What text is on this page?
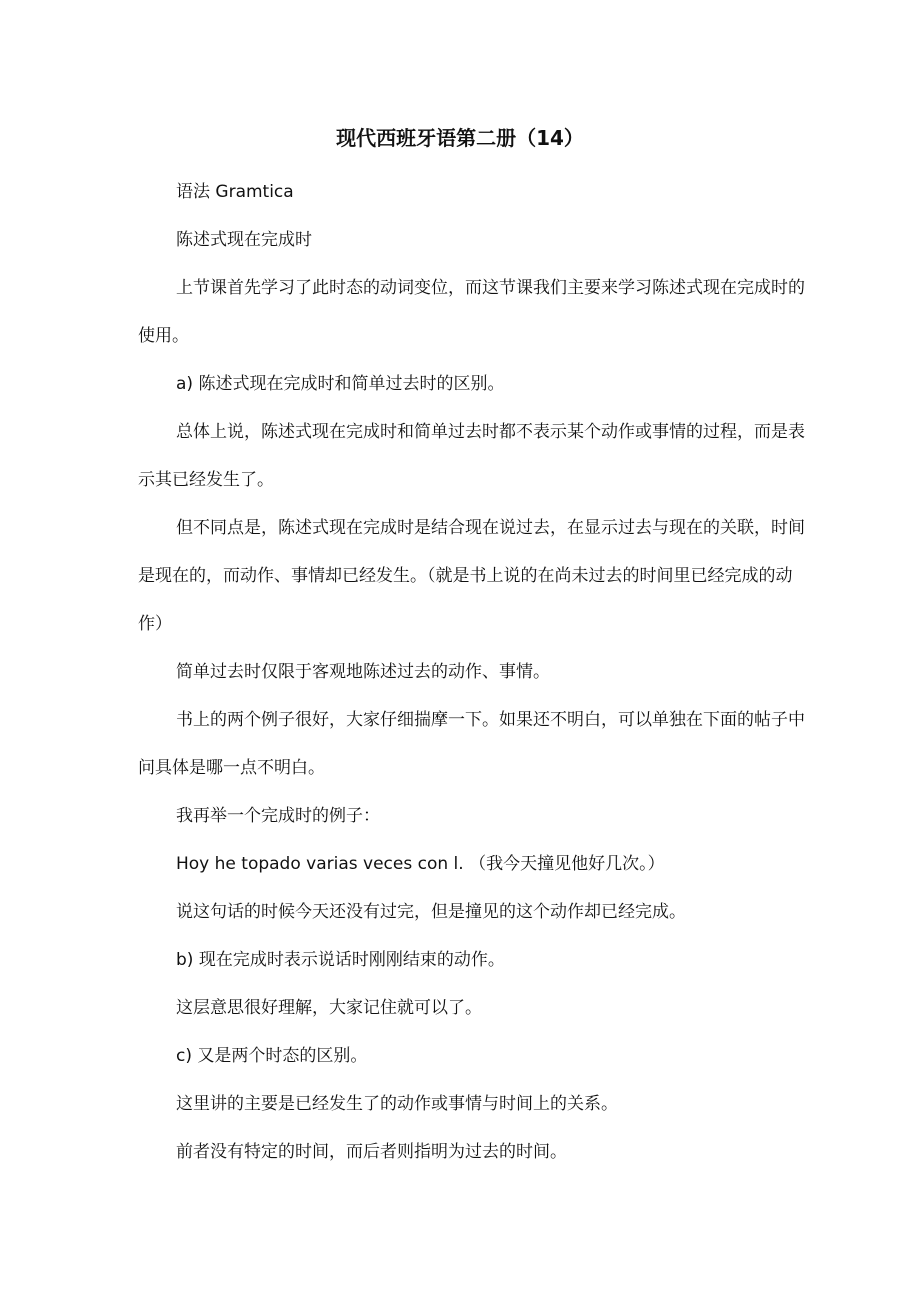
现代西班牙语第二册（14）

语法 Gramtica

陈述式现在完成时

上节课首先学习了此时态的动词变位，而这节课我们主要来学习陈述式现在完成时的使用。

a) 陈述式现在完成时和简单过去时的区别。

总体上说，陈述式现在完成时和简单过去时都不表示某个动作或事情的过程，而是表示其已经发生了。

但不同点是，陈述式现在完成时是结合现在说过去，在显示过去与现在的关联，时间是现在的，而动作、事情却已经发生。（就是书上说的在尚未过去的时间里已经完成的动作）

简单过去时仅限于客观地陈述过去的动作、事情。

书上的两个例子很好，大家仔细揣摩一下。如果还不明白，可以单独在下面的帖子中问具体是哪一点不明白。

我再举一个完成时的例子：

Hoy he topado varias veces con l. （我今天撞见他好几次。）

说这句话的时候今天还没有过完，但是撞见的这个动作却已经完成。

b) 现在完成时表示说话时刚刚结束的动作。

这层意思很好理解，大家记住就可以了。

c) 又是两个时态的区别。

这里讲的主要是已经发生了的动作或事情与时间上的关系。

前者没有特定的时间，而后者则指明为过去的时间。
